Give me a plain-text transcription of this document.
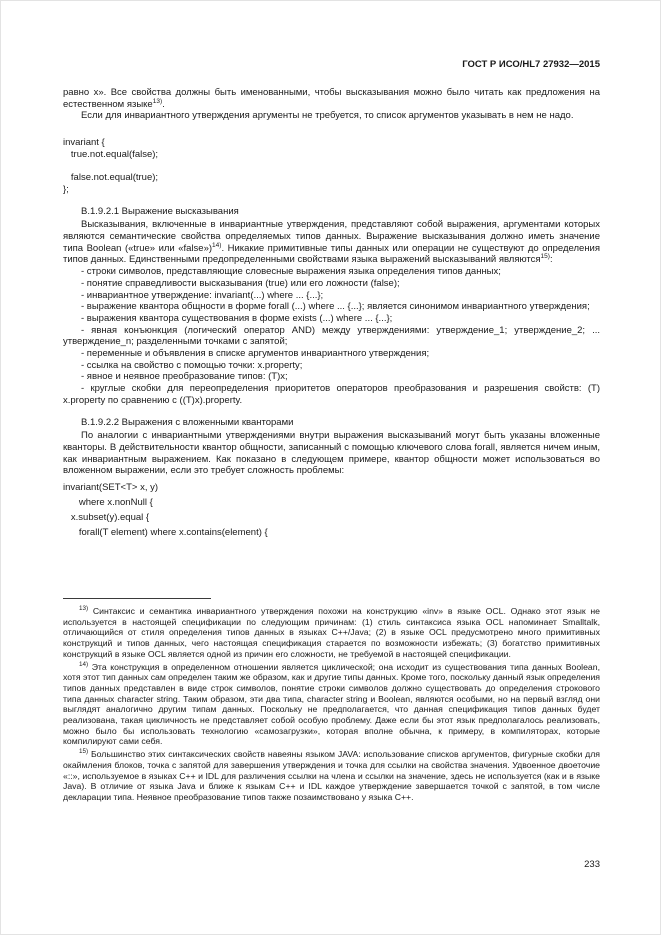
ГОСТ Р ИСО/HL7 27932—2015

равно х». Все свойства должны быть именованными, чтобы высказывания можно было читать как предложения на естественном языке$^{13)}$.

Если для инвариантного утверждения аргументы не требуется, то список аргументов указывать в нем не надо.

invariant {
true.not.equal(false);

false.not.equal(true);
};

В.1.9.2.1 Выражение высказывания

Высказывания, включенные в инвариантные утверждения, представляют собой выражения, аргументами которых являются семантические свойства определяемых типов данных. Выражение высказывания должно иметь значение типа Boolean («true» или «false»)$^{14)}$. Никакие примитивные типы данных или операции не существуют до определения типов данных. Единственными предопределенными свойствами языка выражений высказываний являются$^{15)}$:

- строки символов, представляющие словесные выражения языка определения типов данных;

- понятие справедливости высказывания (true) или его ложности (false);

- инвариантное утверждение: invariant(...) where ... {...};

- выражение квантора общности в форме forall (...) where ... {...}; является синонимом инвариантного утверждения;

- выражения квантора существования в форме exists (...) where ... {...};

- явная конъюнкция (логический оператор AND) между утверждениями: утверждение_1; утверждение_2; ... утверждение_n; разделенными точками с запятой;

- переменные и объявления в списке аргументов инвариантного утверждения;

- ссылка на свойство с помощью точки: x.property;

- явное и неявное преобразование типов: (Т)х;

- круглые скобки для переопределения приоритетов операторов преобразования и разрешения свойств: (Т) x.property по сравнению с ((Т)x).property.

В.1.9.2.2 Выражения с вложенными кванторами

По аналогии с инвариантными утверждениями внутри выражения высказываний могут быть указаны вложенные кванторы. В действительности квантор общности, записанный с помощью ключевого слова forall, является ничем иным, как инвариантным выражением. Как показано в следующем примере, квантор общности может использоваться во вложенном выражении, если это требует сложность проблемы:

invariant(SET<T> x, y)
where x.nonNull {
x.subset(y).equal {
forall(T element) where x.contains(element) {

$^{13)}$ Синтаксис и семантика инвариантного утверждения похожи на конструкцию «inv» в языке OCL. Однако этот язык не используется в настоящей спецификации по следующим причинам: (1) стиль синтаксиса языка OCL напоминает Smalltalk, отличающийся от стиля определения типов данных в языках C++/Java; (2) в языке OCL предусмотрено много примитивных конструкций и типов данных, чего настоящая спецификация старается по возможности избежать; (3) богатство примитивных конструкций в языке OCL является одной из причин его сложности, не требуемой в настоящей спецификации.

$^{14)}$ Эта конструкция в определенном отношении является циклической; она исходит из существования типа данных Boolean, хотя этот тип данных сам определен таким же образом, как и другие типы данных. Кроме того, поскольку данный язык определения типов данных представлен в виде строк символов, понятие строки символов должно существовать до определения строкового типа данных character string. Таким образом, эти два типа, character string и Boolean, являются особыми, но на первый взгляд они выглядят аналогично другим типам данных. Поскольку не предполагается, что данная спецификация типов данных будет реализована, такая цикличность не представляет собой особую проблему. Даже если бы этот язык предполагалось реализовать, можно было бы использовать технологию «самозагрузки», которая вполне обычна, к примеру, в компиляторах, которые компилируют сами себя.

$^{15)}$ Большинство этих синтаксических свойств навеяны языком JAVA: использование списков аргументов, фигурные скобки для окаймления блоков, точка с запятой для завершения утверждения и точка для ссылки на свойства значения. Удвоенное двоеточие «::», используемое в языках C++ и IDL для различения ссылки на члена и ссылки на значение, здесь не используется (как и в языке Java). В отличие от языка Java и ближе к языкам C++ и IDL каждое утверждение завершается точкой с запятой, в том числе декларации типа. Неявное преобразование типов также позаимствовано у языка C++.

233
